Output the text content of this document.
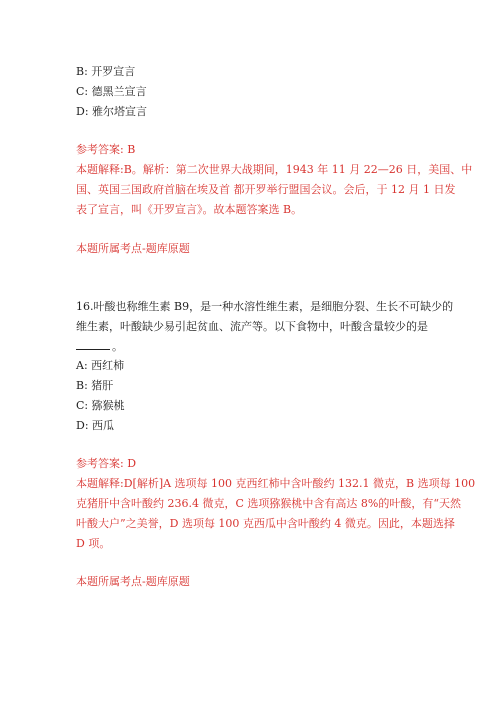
B: 开罗宣言
C: 德黑兰宣言
D: 雅尔塔宣言
参考答案: B
本题解释:B。解析：第二次世界大战期间，1943 年 11 月 22—26 日，美国、中
国、英国三国政府首脑在埃及首 都开罗举行盟国会议。会后，于 12 月 1 日发
表了宣言，叫《开罗宣言》。故本题答案选 B。
本题所属考点-题库原题
16.叶酸也称维生素 B9，是一种水溶性维生素，是细胞分裂、生长不可缺少的
维生素，叶酸缺少易引起贫血、流产等。以下食物中，叶酸含量较少的是
。
A: 西红柿
B: 猪肝
C: 猕猴桃
D: 西瓜
参考答案: D
本题解释:D[解析]A 选项每 100 克西红柿中含叶酸约 132.1 微克，B 选项每 100
克猪肝中含叶酸约 236.4 微克，C 选项猕猴桃中含有高达 8%的叶酸，有“天然
叶酸大户”之美誉，D 选项每 100 克西瓜中含叶酸约 4 微克。因此，本题选择
D 项。
本题所属考点-题库原题
